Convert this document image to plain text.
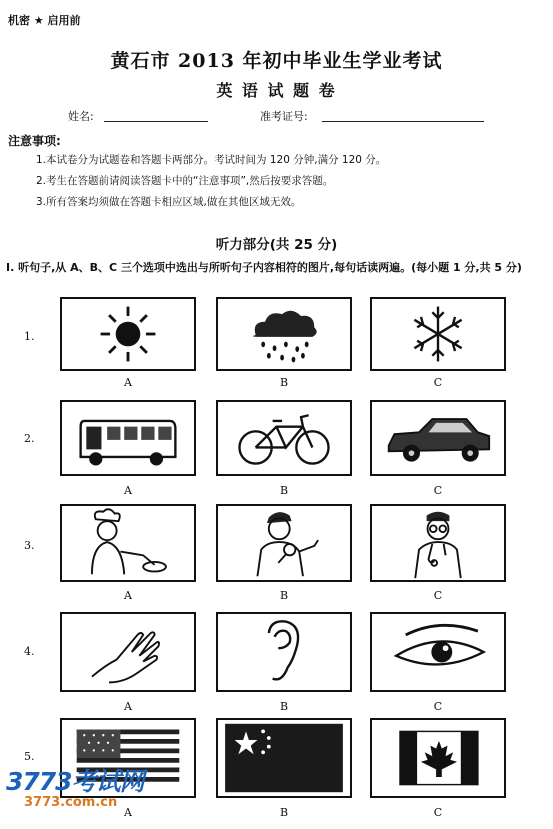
机密 ★ 启用前
黄石市 2013 年初中毕业生学业考试
英 语 试 题 卷
姓名:	准考证号:
注意事项:
1.本试卷分为试题卷和答题卡两部分。考试时间为 120 分钟,满分 120 分。
2.考生在答题前请阅读答题卡中的“注意事项”,然后按要求答题。
3.所有答案均须做在答题卡相应区域,做在其他区域无效。
听力部分(共 25 分)
I. 听句子,从 A、B、C 三个选项中选出与所听句子内容相符的图片,每句话读两遍。(每小题 1 分,共 5 分)
1.
A	B	C
2.
A	B	C
3.
A	B	C
4.
A	B	C
5.
A	B	C
3773考试网
3773.com.cn
